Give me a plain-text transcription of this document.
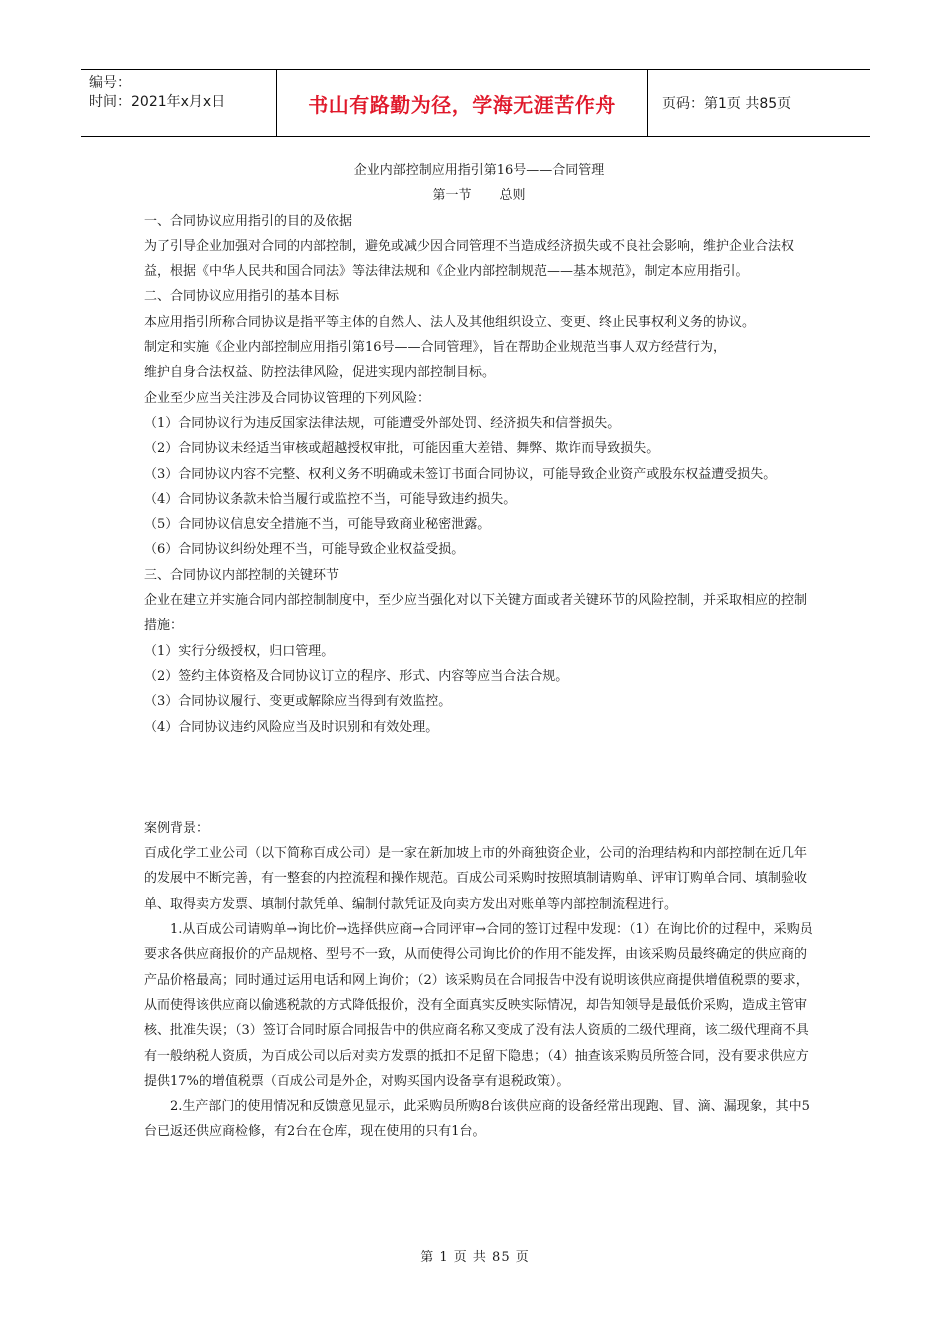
编号：
时间：2021年x月x日	书山有路勤为径，学海无涯苦作舟	页码：第1页 共85页

企业内部控制应用指引第16号——合同管理

第一节 总则

一、合同协议应用指引的目的及依据

为了引导企业加强对合同的内部控制，避免或减少因合同管理不当造成经济损失或不良社会影响，维护企业合法权益，根据《中华人民共和国合同法》等法律法规和《企业内部控制规范——基本规范》，制定本应用指引。

二、合同协议应用指引的基本目标

本应用指引所称合同协议是指平等主体的自然人、法人及其他组织设立、变更、终止民事权利义务的协议。

制定和实施《企业内部控制应用指引第16号——合同管理》，旨在帮助企业规范当事人双方经营行为，

维护自身合法权益、防控法律风险，促进实现内部控制目标。

企业至少应当关注涉及合同协议管理的下列风险：

（1）合同协议行为违反国家法律法规，可能遭受外部处罚、经济损失和信誉损失。

（2）合同协议未经适当审核或超越授权审批，可能因重大差错、舞弊、欺诈而导致损失。

（3）合同协议内容不完整、权利义务不明确或未签订书面合同协议，可能导致企业资产或股东权益遭受损失。

（4）合同协议条款未恰当履行或监控不当，可能导致违约损失。

（5）合同协议信息安全措施不当，可能导致商业秘密泄露。

（6）合同协议纠纷处理不当，可能导致企业权益受损。

三、合同协议内部控制的关键环节

企业在建立并实施合同内部控制制度中，至少应当强化对以下关键方面或者关键环节的风险控制，并采取相应的控制措施：

（1）实行分级授权，归口管理。

（2）签约主体资格及合同协议订立的程序、形式、内容等应当合法合规。

（3）合同协议履行、变更或解除应当得到有效监控。

（4）合同协议违约风险应当及时识别和有效处理。

案例背景：

百成化学工业公司（以下简称百成公司）是一家在新加坡上市的外商独资企业，公司的治理结构和内部控制在近几年的发展中不断完善，有一整套的内控流程和操作规范。百成公司采购时按照填制请购单、评审订购单合同、填制验收单、取得卖方发票、填制付款凭单、编制付款凭证及向卖方发出对账单等内部控制流程进行。

1.从百成公司请购单→询比价→选择供应商→合同评审→合同的签订过程中发现：（1）在询比价的过程中，采购员要求各供应商报价的产品规格、型号不一致，从而使得公司询比价的作用不能发挥，由该采购员最终确定的供应商的产品价格最高；同时通过运用电话和网上询价；（2）该采购员在合同报告中没有说明该供应商提供增值税票的要求，从而使得该供应商以偷逃税款的方式降低报价，没有全面真实反映实际情况，却告知领导是最低价采购，造成主管审核、批准失误；（3）签订合同时原合同报告中的供应商名称又变成了没有法人资质的二级代理商，该二级代理商不具有一般纳税人资质，为百成公司以后对卖方发票的抵扣不足留下隐患；（4）抽查该采购员所签合同，没有要求供应方提供17%的增值税票（百成公司是外企，对购买国内设备享有退税政策）。

2.生产部门的使用情况和反馈意见显示，此采购员所购8台该供应商的设备经常出现跑、冒、滴、漏现象，其中5台已返还供应商检修，有2台在仓库，现在使用的只有1台。

第 1 页 共 85 页
